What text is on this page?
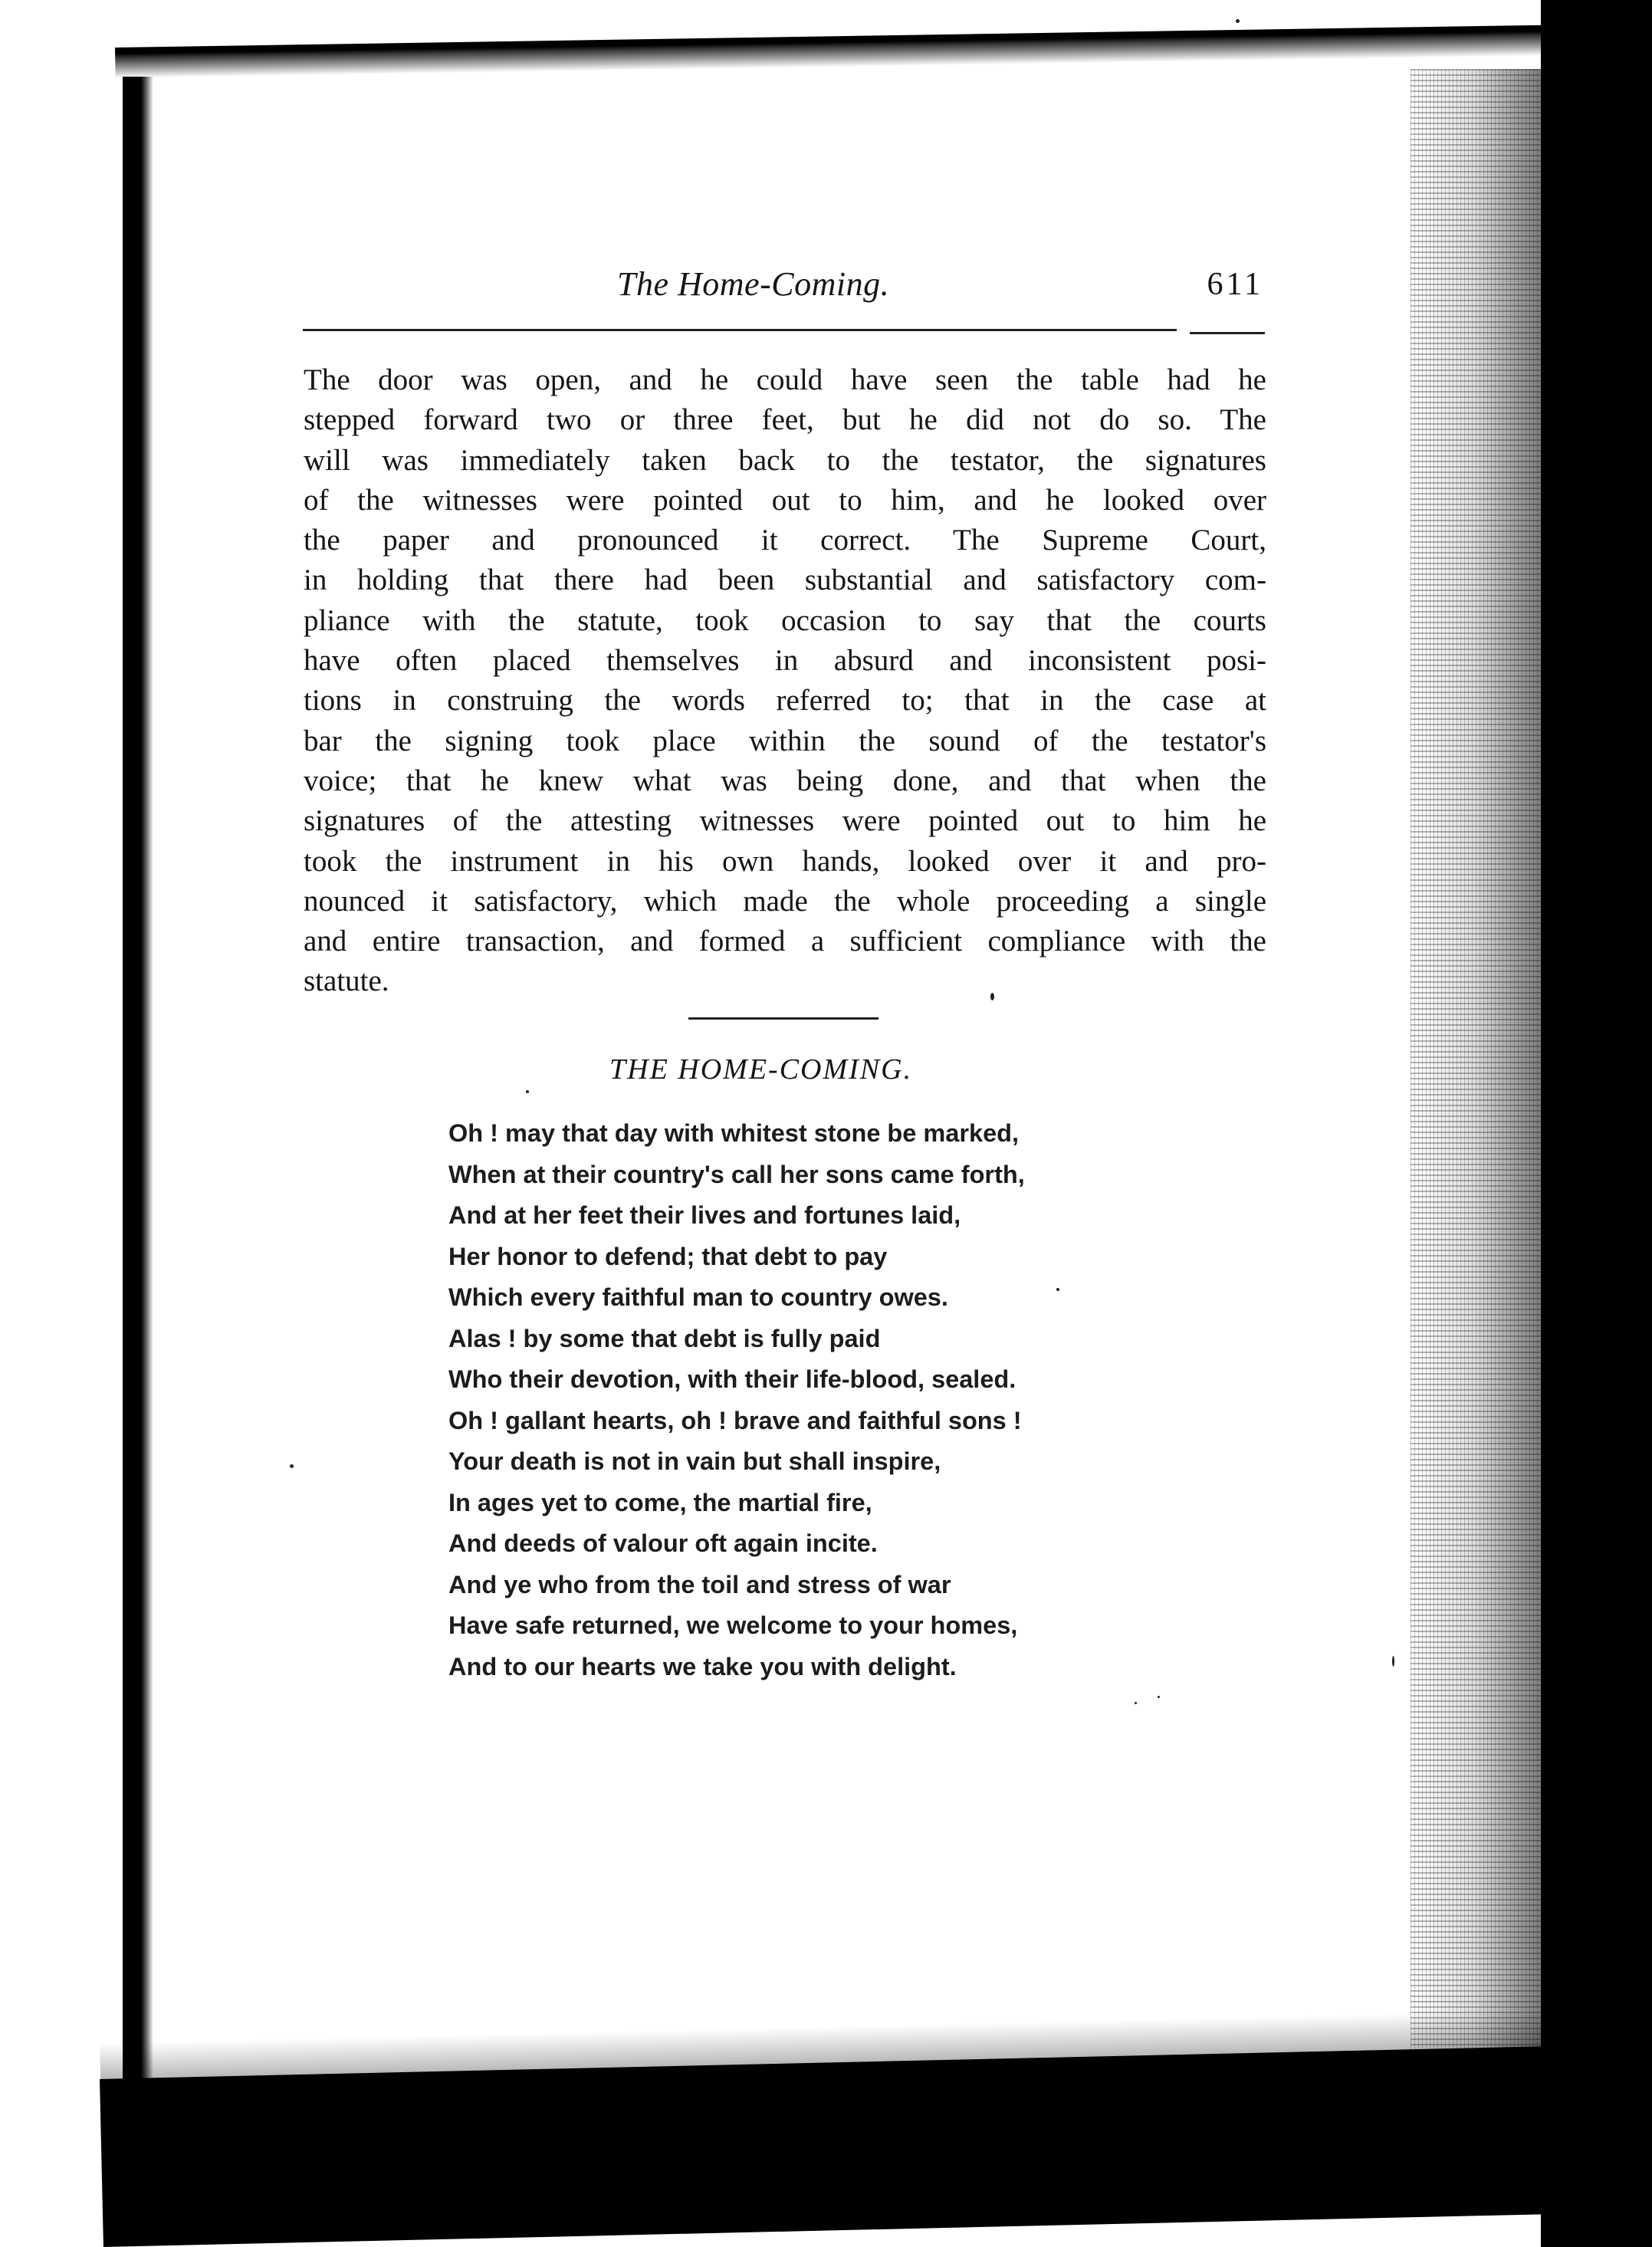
The Home-Coming.	611
The door was open, and he could have seen the table had he
stepped forward two or three feet, but he did not do so. The
will was immediately taken back to the testator, the signatures
of the witnesses were pointed out to him, and he looked over
the paper and pronounced it correct. The Supreme Court,
in holding that there had been substantial and satisfactory com-
pliance with the statute, took occasion to say that the courts
have often placed themselves in absurd and inconsistent posi-
tions in construing the words referred to; that in the case at
bar the signing took place within the sound of the testator's
voice; that he knew what was being done, and that when the
signatures of the attesting witnesses were pointed out to him he
took the instrument in his own hands, looked over it and pro-
nounced it satisfactory, which made the whole proceeding a single
and entire transaction, and formed a sufficient compliance with the
statute.
THE HOME-COMING.
Oh ! may that day with whitest stone be marked,
When at their country's call her sons came forth,
And at her feet their lives and fortunes laid,
Her honor to defend; that debt to pay
Which every faithful man to country owes.
Alas ! by some that debt is fully paid
Who their devotion, with their life-blood, sealed.
Oh ! gallant hearts, oh ! brave and faithful sons !
Your death is not in vain but shall inspire,
In ages yet to come, the martial fire,
And deeds of valour oft again incite.
And ye who from the toil and stress of war
Have safe returned, we welcome to your homes,
And to our hearts we take you with delight.
